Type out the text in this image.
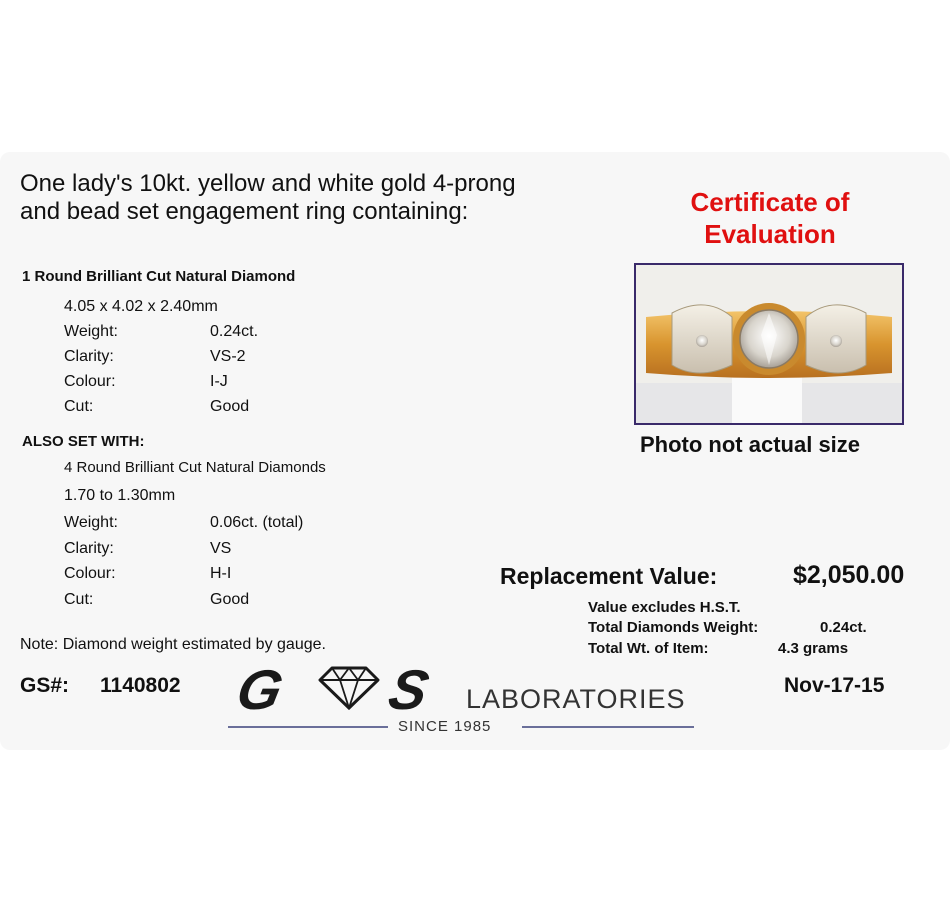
One lady's 10kt. yellow and white gold 4-prong
and bead set engagement ring containing:
1 Round Brilliant Cut Natural Diamond
4.05 x 4.02 x 2.40mm
Weight:	0.24ct.
Clarity:	VS-2
Colour:	I-J
Cut:	Good
ALSO SET WITH:
4 Round Brilliant Cut Natural Diamonds
1.70 to 1.30mm
Weight:	0.06ct. (total)
Clarity:	VS
Colour:	H-I
Cut:	Good
Certificate of
Evaluation
Photo not actual size
Replacement Value:	$2,050.00
Value excludes H.S.T.
Total Diamonds Weight:	0.24ct.
Total Wt. of Item:	4.3 grams
Note: Diamond weight estimated by gauge.
GS#: 1140802	Nov-17-15
G S LABORATORIES
SINCE 1985
